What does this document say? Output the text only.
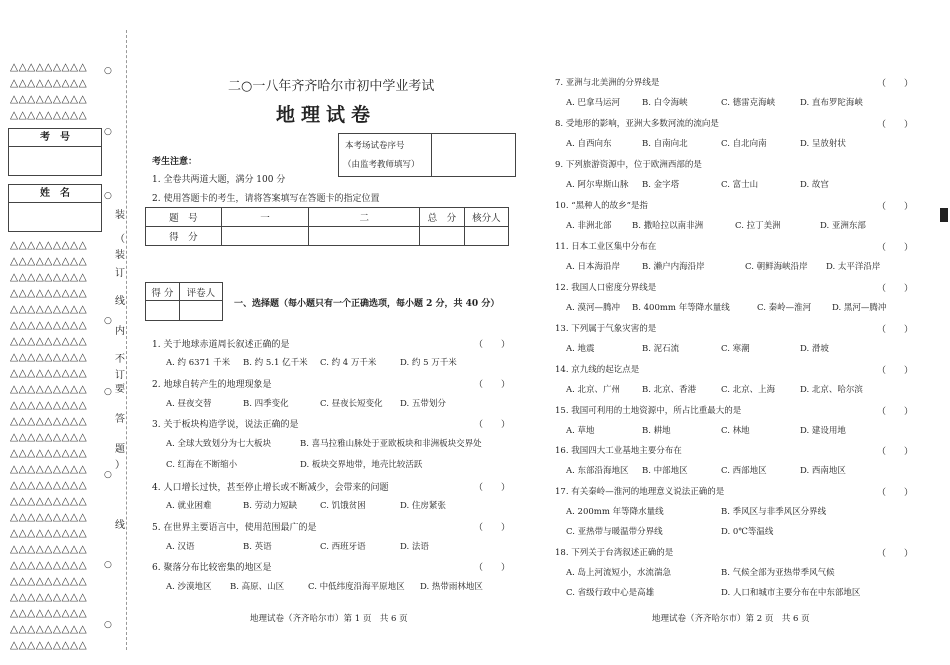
△△△△△△△△△
△△△△△△△△△
△△△△△△△△△
△△△△△△△△△
考　号
姓　名
△△△△△△△△△
△△△△△△△△△
△△△△△△△△△
△△△△△△△△△
△△△△△△△△△
△△△△△△△△△
△△△△△△△△△
△△△△△△△△△
△△△△△△△△△
△△△△△△△△△
△△△△△△△△△
△△△△△△△△△
△△△△△△△△△
△△△△△△△△△
△△△△△△△△△
△△△△△△△△△
△△△△△△△△△
△△△△△△△△△
△△△△△△△△△
△△△△△△△△△
△△△△△△△△△
△△△△△△△△△
△△△△△△△△△
△△△△△△△△△
△△△△△△△△△
△△△△△△△△△
○
○
○
○
○
○
○
○
装
（
装
订
线
内
不
要
答
题
）
订
线
二○一八年齐齐哈尔市初中学业考试
地理试卷
本考场试卷序号
（由监考教师填写）
考生注意：
1. 全卷共两道大题，满分 100 分
2. 使用答题卡的考生，请将答案填写在答题卡的指定位置
题　号	一	二	总　分	核分人
得　分				
得 分	评卷人

一、选择题（每小题只有一个正确选项，每小题 2 分，共 40 分）
1. 关于地球赤道周长叙述正确的是	（　　）
A. 约 6371 千米 B. 约 5.1 亿千米 C. 约 4 万千米	D. 约 5 万千米
2. 地球自转产生的地理现象是	（　　）
A. 昼夜交替	B. 四季变化	C. 昼夜长短变化 D. 五带划分
3. 关于板块构造学说，说法正确的是	（　　）
A. 全球大致划分为七大板块	B. 喜马拉雅山脉处于亚欧板块和非洲板块交界处
C. 红海在不断缩小	D. 板块交界地带，地壳比较活跃
4. 人口增长过快，甚至停止增长或不断减少，会带来的问题	（　　）
A. 就业困难	B. 劳动力短缺	C. 饥饿贫困	D. 住房紧张
5. 在世界主要语言中，使用范围最广的是	（　　）
A. 汉语	B. 英语	C. 西班牙语	D. 法语
6. 聚落分布比较密集的地区是	（　　）
A. 沙漠地区 B. 高原、山区	C. 中低纬度沿海平原地区 D. 热带雨林地区
地理试卷（齐齐哈尔市）第 1 页　共 6 页
7. 亚洲与北美洲的分界线是	（　　）
A. 巴拿马运河	B. 白令海峡	C. 德雷克海峡	D. 直布罗陀海峡
8. 受地形的影响，亚洲大多数河流的流向是	（　　）
A. 自西向东	B. 自南向北	C. 自北向南	D. 呈放射状
9. 下列旅游资源中，位于欧洲西部的是
A. 阿尔卑斯山脉 B. 金字塔	C. 富士山	D. 故宫
10. “黑种人的故乡”是指	（　　）
A. 非洲北部 B. 撒哈拉以南非洲	C. 拉丁美洲	D. 亚洲东部
11. 日本工业区集中分布在	（　　）
A. 日本海沿岸	B. 濑户内海沿岸	C. 朝鲜海峡沿岸 D. 太平洋沿岸
12. 我国人口密度分界线是	（　　）
A. 漠河—腾冲 B. 400mm 年等降水量线	C. 秦岭—淮河 D. 黑河—腾冲
13. 下列属于气象灾害的是	（　　）
A. 地震	B. 泥石流	C. 寒潮	D. 滑坡
14. 京九线的起讫点是	（　　）
A. 北京、广州	B. 北京、香港	C. 北京、上海	D. 北京、哈尔滨
15. 我国可利用的土地资源中，所占比重最大的是	（　　）
A. 草地	B. 耕地	C. 林地	D. 建设用地
16. 我国四大工业基地主要分布在	（　　）
A. 东部沿海地区 B. 中部地区	C. 西部地区	D. 西南地区
17. 有关秦岭—淮河的地理意义说法正确的是	（　　）
A. 200mm 年等降水量线	B. 季风区与非季风区分界线
C. 亚热带与暖温带分界线	D. 0℃等温线
18. 下列关于台湾叙述正确的是	（　　）
A. 岛上河流短小，水流湍急	B. 气候全部为亚热带季风气候
C. 省级行政中心是高雄	D. 人口和城市主要分布在中东部地区
地理试卷（齐齐哈尔市）第 2 页　共 6 页
